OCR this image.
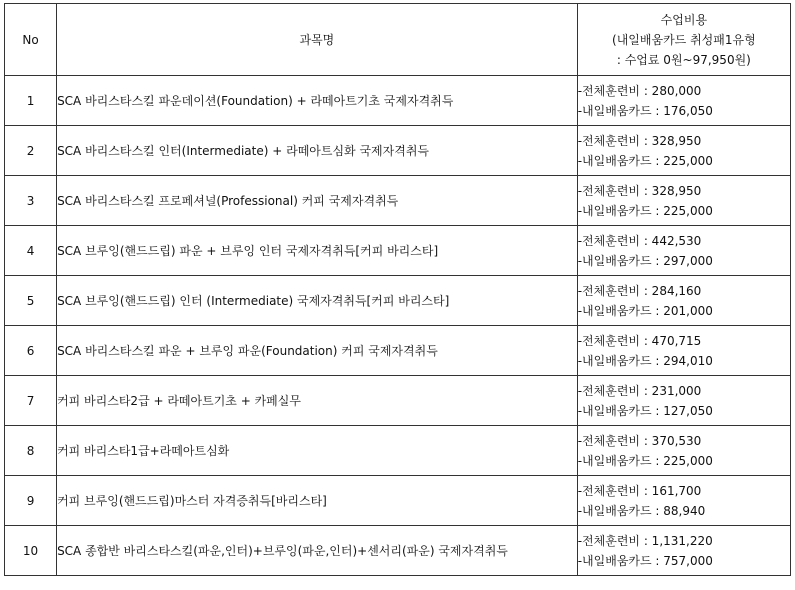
No	과목명	수업비용
(내일배움카드 취성패1유형
: 수업료 0원~97,950원)

1	SCA 바리스타스킬 파운데이션(Foundation) + 라떼아트기초 국제자격취득	-전체훈련비 : 280,000
-내일배움카드 : 176,050

2	SCA 바리스타스킬 인터(Intermediate) + 라떼아트심화 국제자격취득	-전체훈련비 : 328,950
-내일배움카드 : 225,000

3	SCA 바리스타스킬 프로페셔널(Professional) 커피 국제자격취득	-전체훈련비 : 328,950
-내일배움카드 : 225,000

4	SCA 브루잉(핸드드립) 파운 + 브루잉 인터 국제자격취득[커피 바리스타]	-전체훈련비 : 442,530
-내일배움카드 : 297,000

5	SCA 브루잉(핸드드립) 인터 (Intermediate) 국제자격취득[커피 바리스타]	-전체훈련비 : 284,160
-내일배움카드 : 201,000

6	SCA 바리스타스킬 파운 + 브루잉 파운(Foundation) 커피 국제자격취득	-전체훈련비 : 470,715
-내일배움카드 : 294,010

7	커피 바리스타2급 + 라떼아트기초 + 카페실무	-전체훈련비 : 231,000
-내일배움카드 : 127,050

8	커피 바리스타1급+라떼아트심화	-전체훈련비 : 370,530
-내일배움카드 : 225,000

9	커피 브루잉(핸드드립)마스터 자격증취득[바리스타]	-전체훈련비 : 161,700
-내일배움카드 : 88,940

10	SCA 종합반 바리스타스킬(파운,인터)+브루잉(파운,인터)+센서리(파운) 국제자격취득	-전체훈련비 : 1,131,220
-내일배움카드 : 757,000
